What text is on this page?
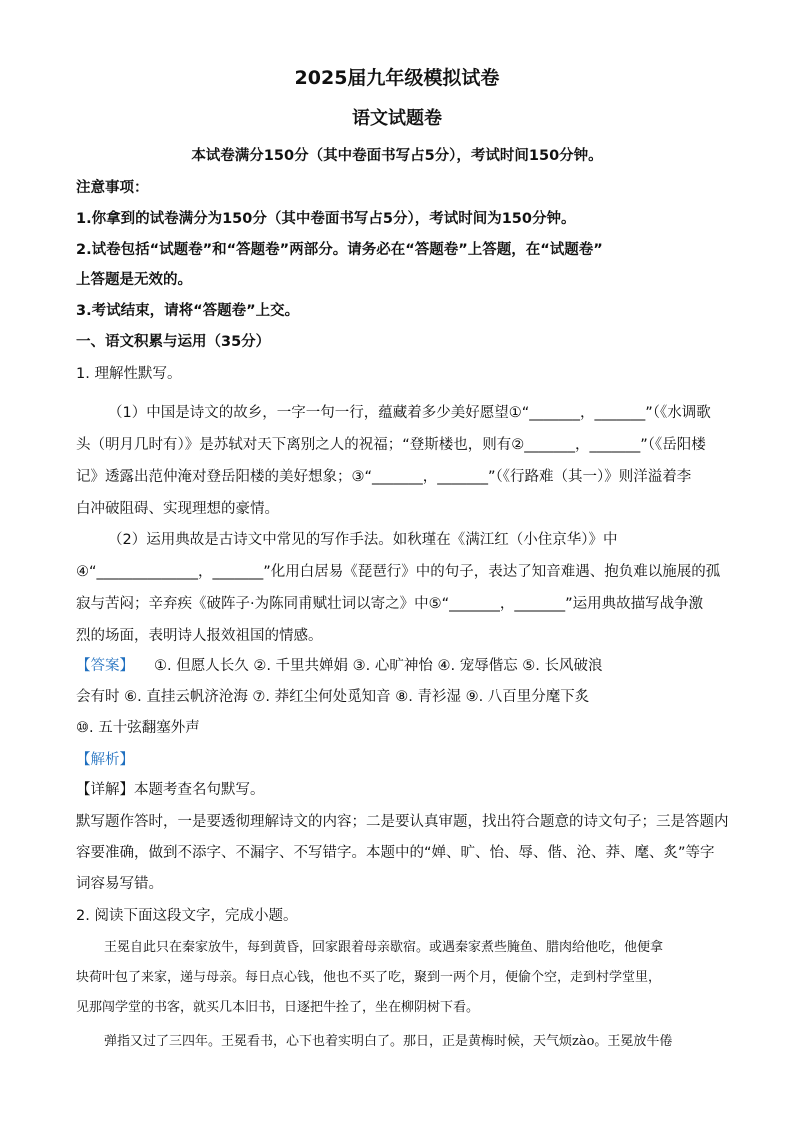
2025届九年级模拟试卷
语文试题卷
本试卷满分150分（其中卷面书写占5分），考试时间150分钟。
注意事项：
1.你拿到的试卷满分为150分（其中卷面书写占5分），考试时间为150分钟。
2.试卷包括“试题卷”和“答题卷”两部分。请务必在“答题卷”上答题，在“试题卷”
上答题是无效的。
3.考试结束，请将“答题卷”上交。
一、语文积累与运用（35分）
1. 理解性默写。
（1）中国是诗文的故乡，一字一句一行，蕴藏着多少美好愿望①“_______，_______”（《水调歌
头（明月几时有）》是苏轼对天下离别之人的祝福；“登斯楼也，则有②_______，_______”（《岳阳楼
记》透露出范仲淹对登岳阳楼的美好想象；③“_______，_______”（《行路难（其一）》则洋溢着李
白冲破阻碍、实现理想的豪情。
（2）运用典故是古诗文中常见的写作手法。如秋瑾在《满江红（小住京华）》中
④“______________，_______”化用白居易《琵琶行》中的句子，表达了知音难遇、抱负难以施展的孤
寂与苦闷；辛弃疾《破阵子·为陈同甫赋壮词以寄之》中⑤“_______，_______”运用典故描写战争激
烈的场面，表明诗人报效祖国的情感。
【答案】 ①. 但愿人长久 ②. 千里共婵娟 ③. 心旷神怡 ④. 宠辱偕忘 ⑤. 长风破浪
会有时 ⑥. 直挂云帆济沧海 ⑦. 莽红尘何处觅知音 ⑧. 青衫湿 ⑨. 八百里分麾下炙
⑩. 五十弦翻塞外声
【解析】
【详解】本题考查名句默写。
默写题作答时，一是要透彻理解诗文的内容；二是要认真审题，找出符合题意的诗文句子；三是答题内
容要准确，做到不添字、不漏字、不写错字。本题中的“婵、旷、怡、辱、偕、沧、莽、麾、炙”等字
词容易写错。
2. 阅读下面这段文字，完成小题。
王冕自此只在秦家放牛，每到黄昏，回家跟着母亲歇宿。或遇秦家煮些腌鱼、腊肉给他吃，他便拿
块荷叶包了来家，递与母亲。每日点心钱，他也不买了吃，聚到一两个月，便偷个空，走到村学堂里，
见那闯学堂的书客，就买几本旧书，日逐把牛拴了，坐在柳阴树下看。
弹指又过了三四年。王冕看书，心下也着实明白了。那日，正是黄梅时候，天气烦zào。王冕放牛倦
